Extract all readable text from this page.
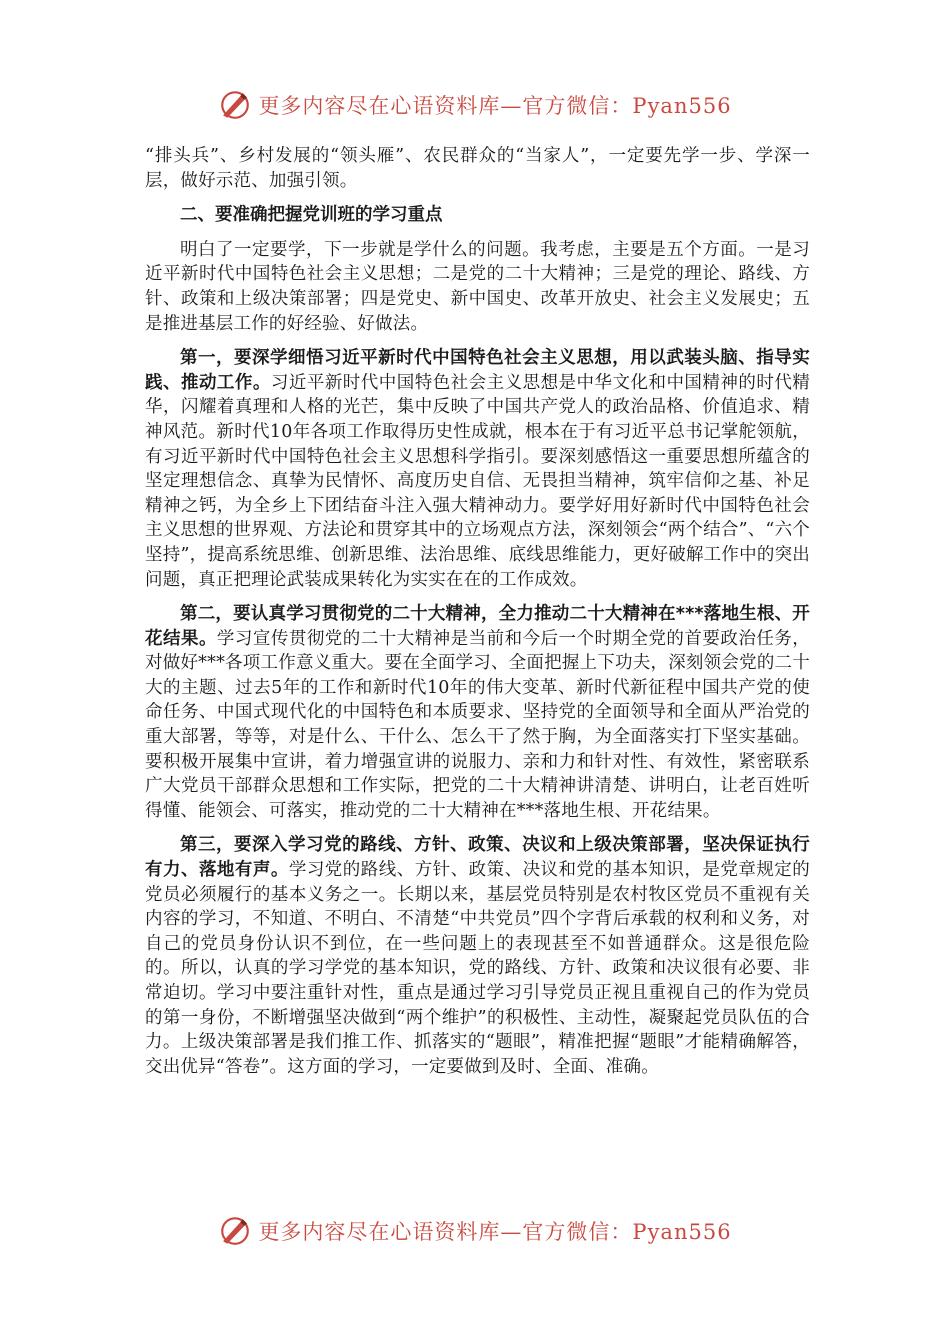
更多内容尽在心语资料库—官方微信：Pyan556

“排头兵”、乡村发展的“领头雁”、农民群众的“当家人”，一定要先学一步、学深一层，做好示范、加强引领。

二、要准确把握党训班的学习重点

明白了一定要学，下一步就是学什么的问题。我考虑，主要是五个方面。一是习近平新时代中国特色社会主义思想；二是党的二十大精神；三是党的理论、路线、方针、政策和上级决策部署；四是党史、新中国史、改革开放史、社会主义发展史；五是推进基层工作的好经验、好做法。

第一，要深学细悟习近平新时代中国特色社会主义思想，用以武装头脑、指导实践、推动工作。习近平新时代中国特色社会主义思想是中华文化和中国精神的时代精华，闪耀着真理和人格的光芒，集中反映了中国共产党人的政治品格、价值追求、精神风范。新时代10年各项工作取得历史性成就，根本在于有习近平总书记掌舵领航，有习近平新时代中国特色社会主义思想科学指引。要深刻感悟这一重要思想所蕴含的坚定理想信念、真挚为民情怀、高度历史自信、无畏担当精神，筑牢信仰之基、补足精神之钙，为全乡上下团结奋斗注入强大精神动力。要学好用好新时代中国特色社会主义思想的世界观、方法论和贯穿其中的立场观点方法，深刻领会“两个结合”、“六个坚持”，提高系统思维、创新思维、法治思维、底线思维能力，更好破解工作中的突出问题，真正把理论武装成果转化为实实在在的工作成效。

第二，要认真学习贯彻党的二十大精神，全力推动二十大精神在***落地生根、开花结果。学习宣传贯彻党的二十大精神是当前和今后一个时期全党的首要政治任务，对做好***各项工作意义重大。要在全面学习、全面把握上下功夫，深刻领会党的二十大的主题、过去5年的工作和新时代10年的伟大变革、新时代新征程中国共产党的使命任务、中国式现代化的中国特色和本质要求、坚持党的全面领导和全面从严治党的重大部署，等等，对是什么、干什么、怎么干了然于胸，为全面落实打下坚实基础。要积极开展集中宣讲，着力增强宣讲的说服力、亲和力和针对性、有效性，紧密联系广大党员干部群众思想和工作实际，把党的二十大精神讲清楚、讲明白，让老百姓听得懂、能领会、可落实，推动党的二十大精神在***落地生根、开花结果。

第三，要深入学习党的路线、方针、政策、决议和上级决策部署，坚决保证执行有力、落地有声。学习党的路线、方针、政策、决议和党的基本知识，是党章规定的党员必须履行的基本义务之一。长期以来，基层党员特别是农村牧区党员不重视有关内容的学习，不知道、不明白、不清楚“中共党员”四个字背后承载的权利和义务，对自己的党员身份认识不到位，在一些问题上的表现甚至不如普通群众。这是很危险的。所以，认真的学习学党的基本知识，党的路线、方针、政策和决议很有必要、非常迫切。学习中要注重针对性，重点是通过学习引导党员正视且重视自己的作为党员的第一身份，不断增强坚决做到“两个维护”的积极性、主动性，凝聚起党员队伍的合力。上级决策部署是我们推工作、抓落实的“题眼”，精准把握“题眼”才能精确解答，交出优异“答卷”。这方面的学习，一定要做到及时、全面、准确。

更多内容尽在心语资料库—官方微信：Pyan556
